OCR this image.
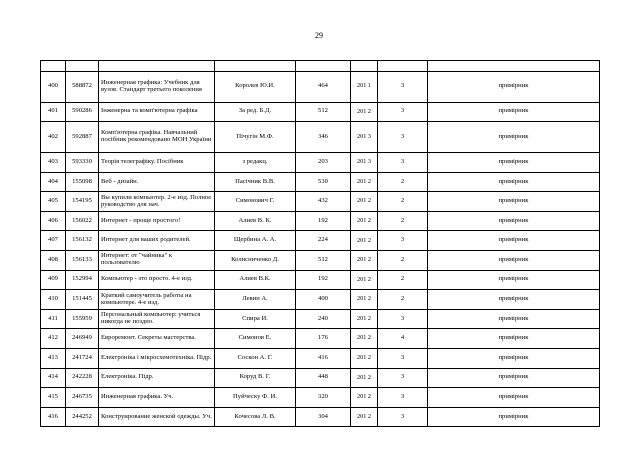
29

400	588872	Инженерная графика: Учебник для вузов. Стандарт третьего поколения	Королев Ю.И.	464	201 1	3	примірник
401	590286	Інженерна та комп'ютерна графіка	За ред. Б.Д.	512	201 2	3	примірник
402	592887	Комп'ютерна графіка. Навчальний посібник рекомендовано МОН України	Пічугін М.Ф.	346	201 3	3	примірник
403	593330	Теорія телеграфіку. Посібник	з редакц.	203	201 3	3	примірник
404	155098	Веб - дизайн.	Пасічник В.В.	530	201 2	2	примірник
405	154195	Вы купили компьютер. 2-е изд. Полное руководство для нач.	Симонович Г.	432	201 2	2	примірник
406	156022	Интернет - проще простого!	Алиев В. К.	192	201 2	2	примірник
407	156132	Интернет для ваших родителей.	Щербина А. А.	224	201 2	3	примірник
408	156133	Интернет: от "чайника" к пользователю	Колисниченко Д.	512	201 2	2	примірник
409	152994	Компьютер - это просто. 4-е изд.	Алиев В.К.	192	201 2	2	примірник
410	151445	Краткий самоучитель работы на компьютере. 4-е изд.	Левин А.	400	201 2	2	примірник
411	155959	Персональный компьютер: учиться никогда не поздно.	Спира И.	240	201 2	3	примірник
412	246949	Евроремонт. Секреты мастерства.	Симонов Е.	176	201 2	4	примірник
413	241724	Електроніка і мікросхемотехніка. Підр.	Соскон А. Г.	416	201 2	3	примірник
414	242228	Електроніка. Підр.	Коруд В. Г.	448	201 2	3	примірник
415	246735	Инженерная графика. Уч.	Пуйческу Ф. И.	320	201 2	3	примірник
416	244252	Конструирование женской одежды. Уч.	Кочесова Л. В.	304	201 2	3	примірник
